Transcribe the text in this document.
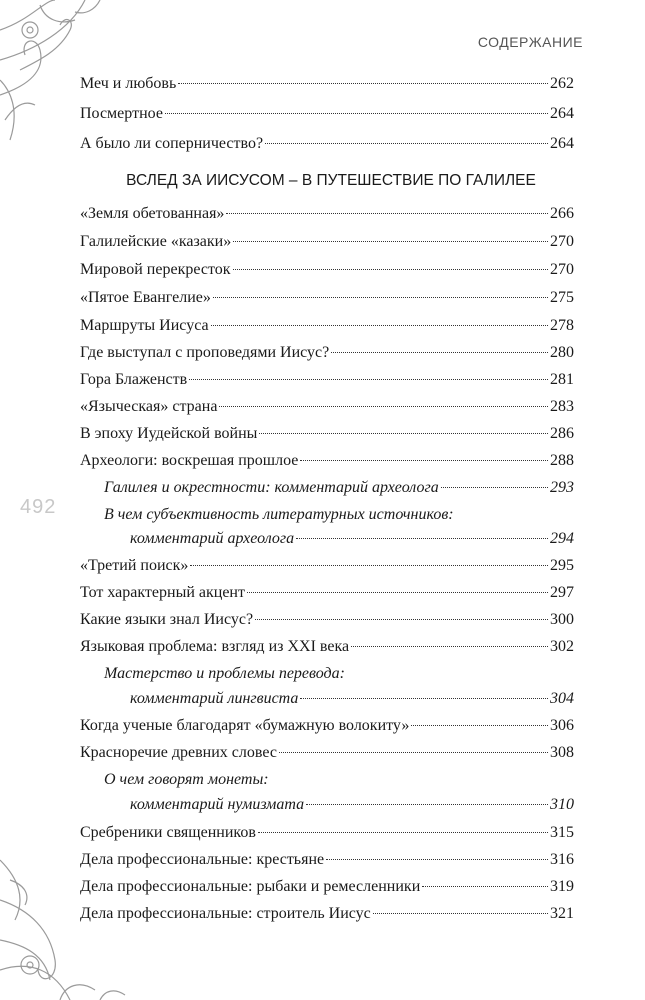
СОДЕРЖАНИЕ
492
Меч и любовь	262
Посмертное	264
А было ли соперничество?	264
ВСЛЕД ЗА ИИСУСОМ – В ПУТЕШЕСТВИЕ ПО ГАЛИЛЕЕ
«Земля обетованная»	266
Галилейские «казаки»	270
Мировой перекресток	270
«Пятое Евангелие»	275
Маршруты Иисуса	278
Где выступал с проповедями Иисус?	280
Гора Блаженств	281
«Языческая» страна	283
В эпоху Иудейской войны	286
Археологи: воскрешая прошлое	288
Галилея и окрестности: комментарий археолога	293
В чем субъективность литературных источников:
комментарий археолога	294
«Третий поиск»	295
Тот характерный акцент	297
Какие языки знал Иисус?	300
Языковая проблема: взгляд из XXI века	302
Мастерство и проблемы перевода:
комментарий лингвиста	304
Когда ученые благодарят «бумажную волокиту»	306
Красноречие древних словес	308
О чем говорят монеты:
комментарий нумизмата	310
Сребреники священников	315
Дела профессиональные: крестьяне	316
Дела профессиональные: рыбаки и ремесленники	319
Дела профессиональные: строитель Иисус	321
